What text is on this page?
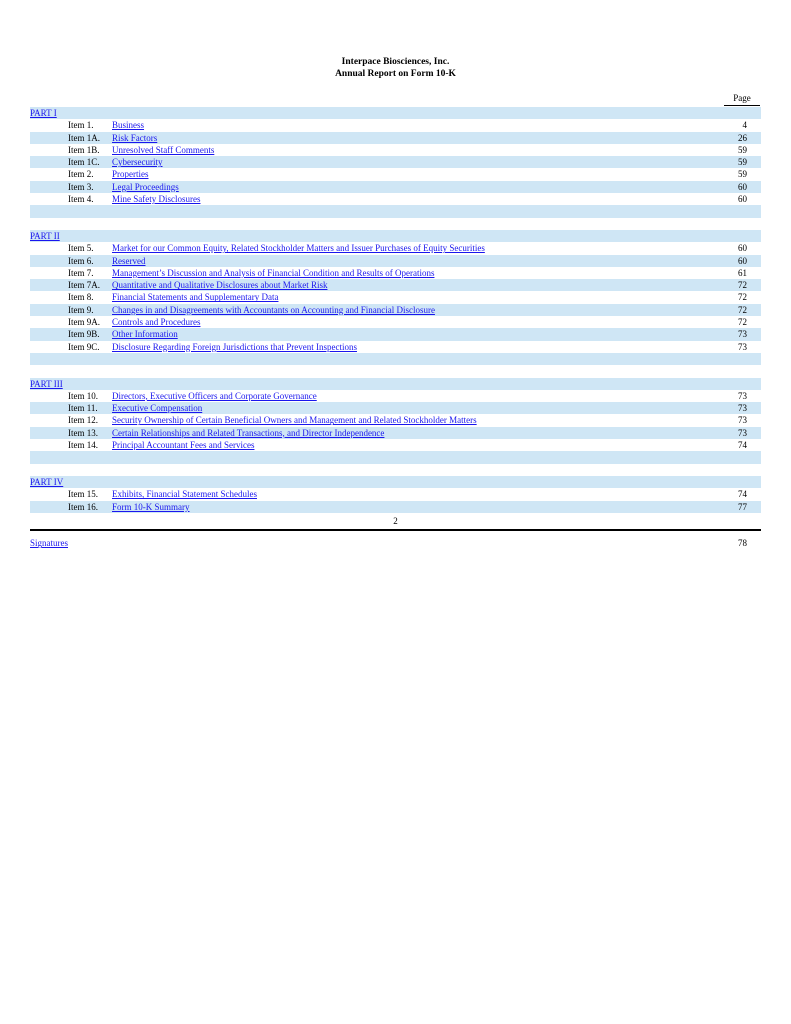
Interpace Biosciences, Inc.
Annual Report on Form 10-K
Page
PART I
Item 1. Business	4
Item 1A. Risk Factors	26
Item 1B. Unresolved Staff Comments	59
Item 1C. Cybersecurity	59
Item 2. Properties	59
Item 3. Legal Proceedings	60
Item 4. Mine Safety Disclosures	60
PART II
Item 5. Market for our Common Equity, Related Stockholder Matters and Issuer Purchases of Equity Securities	60
Item 6. Reserved	60
Item 7. Management’s Discussion and Analysis of Financial Condition and Results of Operations	61
Item 7A. Quantitative and Qualitative Disclosures about Market Risk	72
Item 8. Financial Statements and Supplementary Data	72
Item 9. Changes in and Disagreements with Accountants on Accounting and Financial Disclosure	72
Item 9A. Controls and Procedures	72
Item 9B. Other Information	73
Item 9C. Disclosure Regarding Foreign Jurisdictions that Prevent Inspections	73
PART III
Item 10. Directors, Executive Officers and Corporate Governance	73
Item 11. Executive Compensation	73
Item 12. Security Ownership of Certain Beneficial Owners and Management and Related Stockholder Matters	73
Item 13. Certain Relationships and Related Transactions, and Director Independence	73
Item 14. Principal Accountant Fees and Services	74
PART IV
Item 15. Exhibits, Financial Statement Schedules	74
Item 16. Form 10-K Summary	77
Signatures	78
2
